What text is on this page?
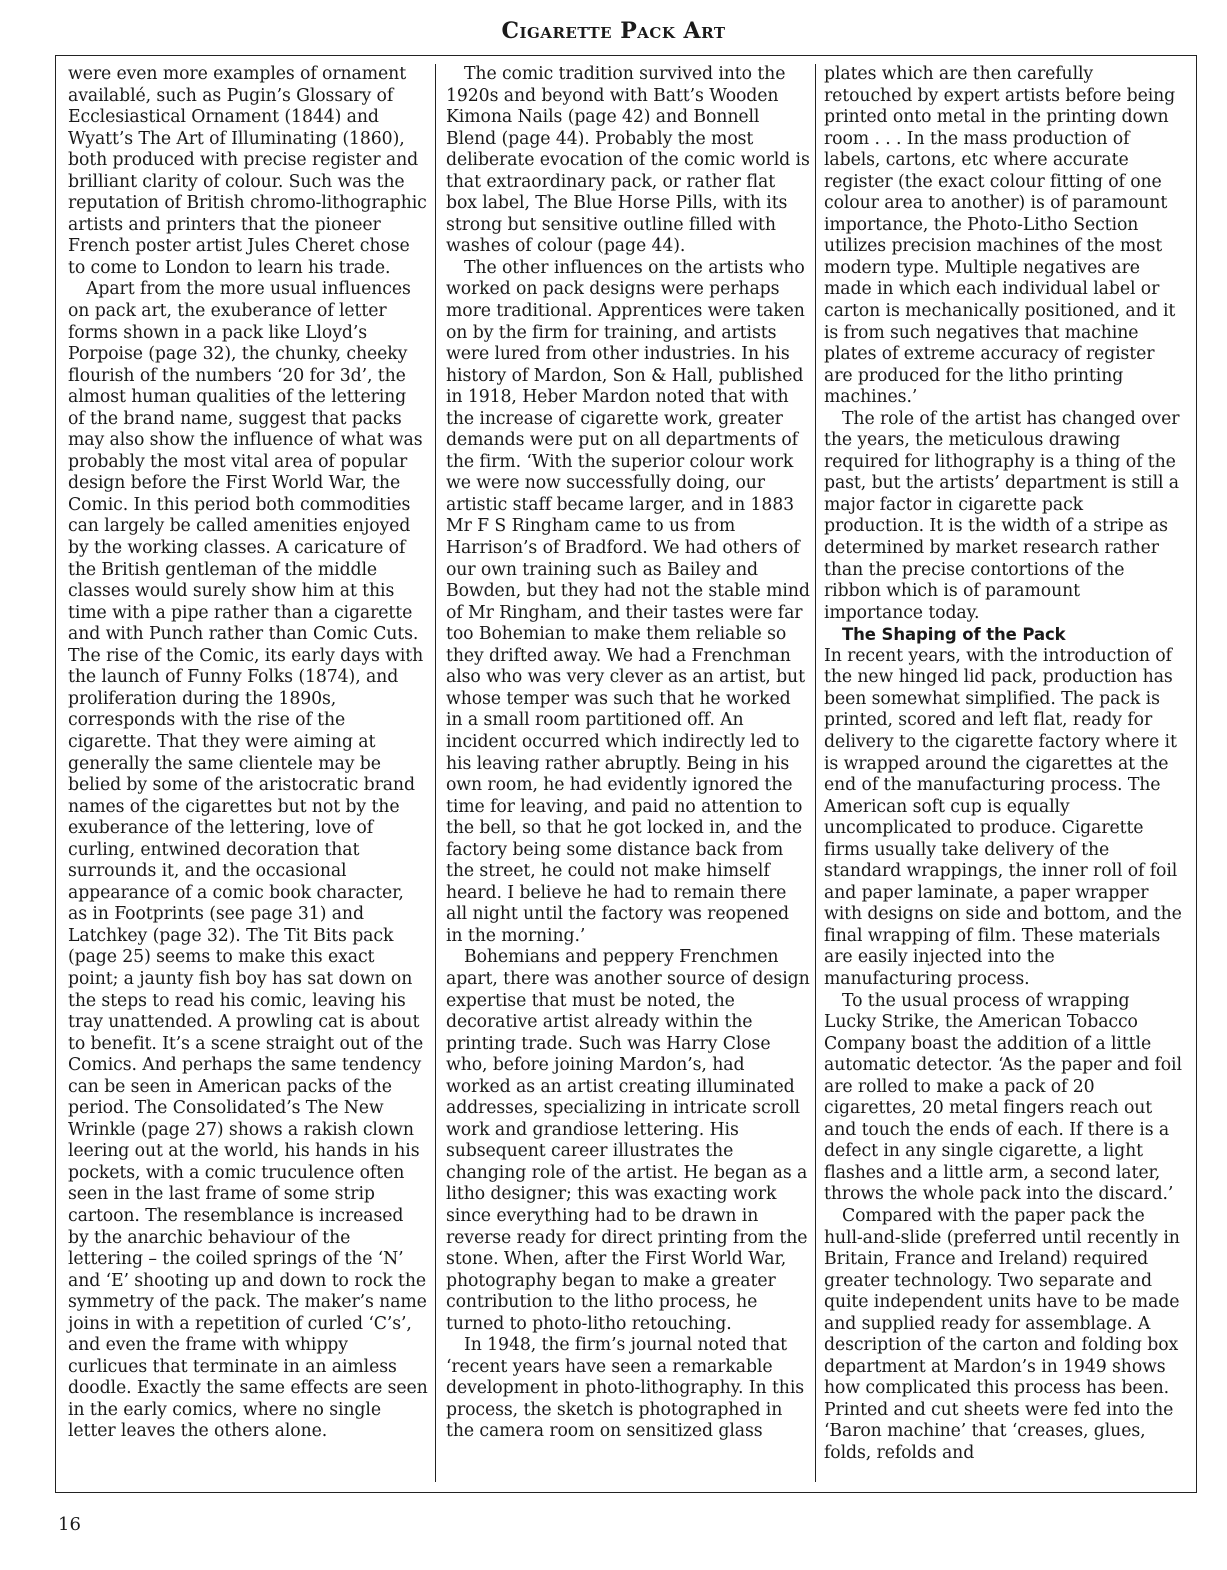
Cigarette Pack Art

were even more examples of ornament availablé, such as Pugin’s Glossary of Ecclesiastical Ornament (1844) and Wyatt’s The Art of Illuminating (1860), both produced with precise register and brilliant clarity of colour. Such was the reputation of British chromo-lithographic artists and printers that the pioneer French poster artist Jules Cheret chose to come to London to learn his trade.

Apart from the more usual influences on pack art, the exuberance of letter forms shown in a pack like Lloyd’s Porpoise (page 32), the chunky, cheeky flourish of the numbers ‘20 for 3d’, the almost human qualities of the lettering of the brand name, suggest that packs may also show the influence of what was probably the most vital area of popular design before the First World War, the Comic. In this period both commodities can largely be called amenities enjoyed by the working classes. A caricature of the British gentleman of the middle classes would surely show him at this time with a pipe rather than a cigarette and with Punch rather than Comic Cuts. The rise of the Comic, its early days with the launch of Funny Folks (1874), and proliferation during the 1890s, corresponds with the rise of the cigarette. That they were aiming at generally the same clientele may be belied by some of the aristocratic brand names of the cigarettes but not by the exuberance of the lettering, love of curling, entwined decoration that surrounds it, and the occasional appearance of a comic book character, as in Footprints (see page 31) and Latchkey (page 32). The Tit Bits pack (page 25) seems to make this exact point; a jaunty fish boy has sat down on the steps to read his comic, leaving his tray unattended. A prowling cat is about to benefit. It’s a scene straight out of the Comics. And perhaps the same tendency can be seen in American packs of the period. The Consolidated’s The New Wrinkle (page 27) shows a rakish clown leering out at the world, his hands in his pockets, with a comic truculence often seen in the last frame of some strip cartoon. The resemblance is increased by the anarchic behaviour of the lettering – the coiled springs of the ‘N’ and ‘E’ shooting up and down to rock the symmetry of the pack. The maker’s name joins in with a repetition of curled ‘C’s’, and even the frame with whippy curlicues that terminate in an aimless doodle. Exactly the same effects are seen in the early comics, where no single letter leaves the others alone.

The comic tradition survived into the 1920s and beyond with Batt’s Wooden Kimona Nails (page 42) and Bonnell Blend (page 44). Probably the most deliberate evocation of the comic world is that extraordinary pack, or rather flat box label, The Blue Horse Pills, with its strong but sensitive outline filled with washes of colour (page 44).

The other influences on the artists who worked on pack designs were perhaps more traditional. Apprentices were taken on by the firm for training, and artists were lured from other industries. In his history of Mardon, Son & Hall, published in 1918, Heber Mardon noted that with the increase of cigarette work, greater demands were put on all departments of the firm. ‘With the superior colour work we were now successfully doing, our artistic staff became larger, and in 1883 Mr F S Ringham came to us from Harrison’s of Bradford. We had others of our own training such as Bailey and Bowden, but they had not the stable mind of Mr Ringham, and their tastes were far too Bohemian to make them reliable so they drifted away. We had a Frenchman also who was very clever as an artist, but whose temper was such that he worked in a small room partitioned off. An incident occurred which indirectly led to his leaving rather abruptly. Being in his own room, he had evidently ignored the time for leaving, and paid no attention to the bell, so that he got locked in, and the factory being some distance back from the street, he could not make himself heard. I believe he had to remain there all night until the factory was reopened in the morning.’

Bohemians and peppery Frenchmen apart, there was another source of design expertise that must be noted, the decorative artist already within the printing trade. Such was Harry Close who, before joining Mardon’s, had worked as an artist creating illuminated addresses, specializing in intricate scroll work and grandiose lettering. His subsequent career illustrates the changing role of the artist. He began as a litho designer; this was exacting work since everything had to be drawn in reverse ready for direct printing from the stone. When, after the First World War, photography began to make a greater contribution to the litho process, he turned to photo-litho retouching.

In 1948, the firm’s journal noted that ‘recent years have seen a remarkable development in photo-lithography. In this process, the sketch is photographed in the camera room on sensitized glass

plates which are then carefully retouched by expert artists before being printed onto metal in the printing down room . . . In the mass production of labels, cartons, etc where accurate register (the exact colour fitting of one colour area to another) is of paramount importance, the Photo-Litho Section utilizes precision machines of the most modern type. Multiple negatives are made in which each individual label or carton is mechanically positioned, and it is from such negatives that machine plates of extreme accuracy of register are produced for the litho printing machines.’

The role of the artist has changed over the years, the meticulous drawing required for lithography is a thing of the past, but the artists’ department is still a major factor in cigarette pack production. It is the width of a stripe as determined by market research rather than the precise contortions of the ribbon which is of paramount importance today.

The Shaping of the Pack

In recent years, with the introduction of the new hinged lid pack, production has been somewhat simplified. The pack is printed, scored and left flat, ready for delivery to the cigarette factory where it is wrapped around the cigarettes at the end of the manufacturing process. The American soft cup is equally uncomplicated to produce. Cigarette firms usually take delivery of the standard wrappings, the inner roll of foil and paper laminate, a paper wrapper with designs on side and bottom, and the final wrapping of film. These materials are easily injected into the manufacturing process.

To the usual process of wrapping Lucky Strike, the American Tobacco Company boast the addition of a little automatic detector. ‘As the paper and foil are rolled to make a pack of 20 cigarettes, 20 metal fingers reach out and touch the ends of each. If there is a defect in any single cigarette, a light flashes and a little arm, a second later, throws the whole pack into the discard.’

Compared with the paper pack the hull-and-slide (preferred until recently in Britain, France and Ireland) required greater technology. Two separate and quite independent units have to be made and supplied ready for assemblage. A description of the carton and folding box department at Mardon’s in 1949 shows how complicated this process has been. Printed and cut sheets were fed into the ‘Baron machine’ that ‘creases, glues, folds, refolds and

16
